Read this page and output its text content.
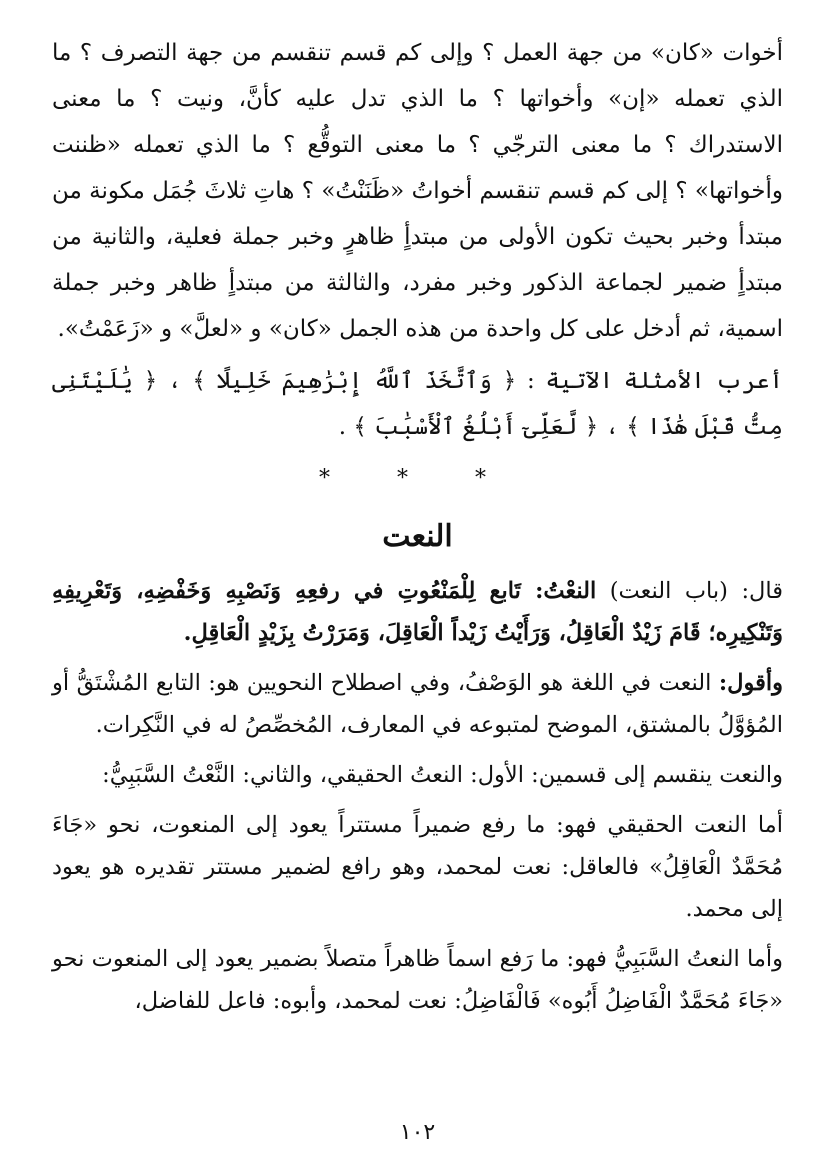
أخوات «كان» من جهة العمل ؟ وإلى كم قسم تنقسم من جهة التصرف ؟ ما الذي تعمله «إن» وأخواتها ؟ ما الذي تدل عليه كأنَّ، ونيت ؟ ما معنى الاستدراك ؟ ما معنى الترجّي ؟ ما معنى التوقُّع ؟ ما الذي تعمله «ظننت وأخواتها» ؟ إلى كم قسم تنقسم أخواتُ «ظَنَنْتُ» ؟ هاتِ ثلاثَ جُمَل مكونة من مبتدأ وخبر بحيث تكون الأولى من مبتدأٍ ظاهرٍ وخبر جملة فعلية، والثانية من مبتدأٍ ضمير لجماعة الذكور وخبر مفرد، والثالثة من مبتدأٍ ظاهر وخبر جملة اسمية، ثم أدخل على كل واحدة من هذه الجمل «كان» و «لعلَّ» و «زَعَمْتُ».

أعرب الأمثلة الآتية : ﴿ وَٱتَّخَذَ ٱللَّهُ إِبْرَٰهِيمَ خَلِيلًا ﴾ ، ﴿ يَٰلَيْتَنِى مِتُّ قَبْلَ هَٰذَا ﴾ ، ﴿ لَّعَلِّىٓ أَبْلُغُ ٱلْأَسْبَٰبَ ﴾ .

* * *
النعت

قال: (باب النعت) النعْتُ: تَابع لِلْمَنْعُوتِ في رفعِهِ وَنَصْبِهِ وَخَفْضِهِ، وَتَعْرِيفِهِ وَتَنْكِيرِه؛ قَامَ زَيْدٌ الْعَاقِلُ، وَرَأَيْتُ زَيْداً الْعَاقِلَ، وَمَرَرْتُ بِزَيْدٍ الْعَاقِلِ.

وأقول: النعت في اللغة هو الوَصْفُ، وفي اصطلاح النحويين هو: التابع المُشْتَقُّ أو المُؤوَّلُ بالمشتق، الموضح لمتبوعه في المعارف، المُخصِّصُ له في النَّكِرات.

والنعت ينقسم إلى قسمين: الأول: النعتُ الحقيقي، والثاني: النَّعْتُ السَّبَبِيُّ:

أما النعت الحقيقي فهو: ما رفع ضميراً مستتراً يعود إلى المنعوت، نحو «جَاءَ مُحَمَّدٌ الْعَاقِلُ» فالعاقل: نعت لمحمد، وهو رافع لضمير مستتر تقديره هو يعود إلى محمد.

وأما النعتُ السَّبَبِيُّ فهو: ما رَفع اسماً ظاهراً متصلاً بضمير يعود إلى المنعوت نحو «جَاءَ مُحَمَّدٌ الْفَاضِلُ أَبُوه» فَالْفَاضِلُ: نعت لمحمد، وأبوه: فاعل للفاضل،

١٠٢
